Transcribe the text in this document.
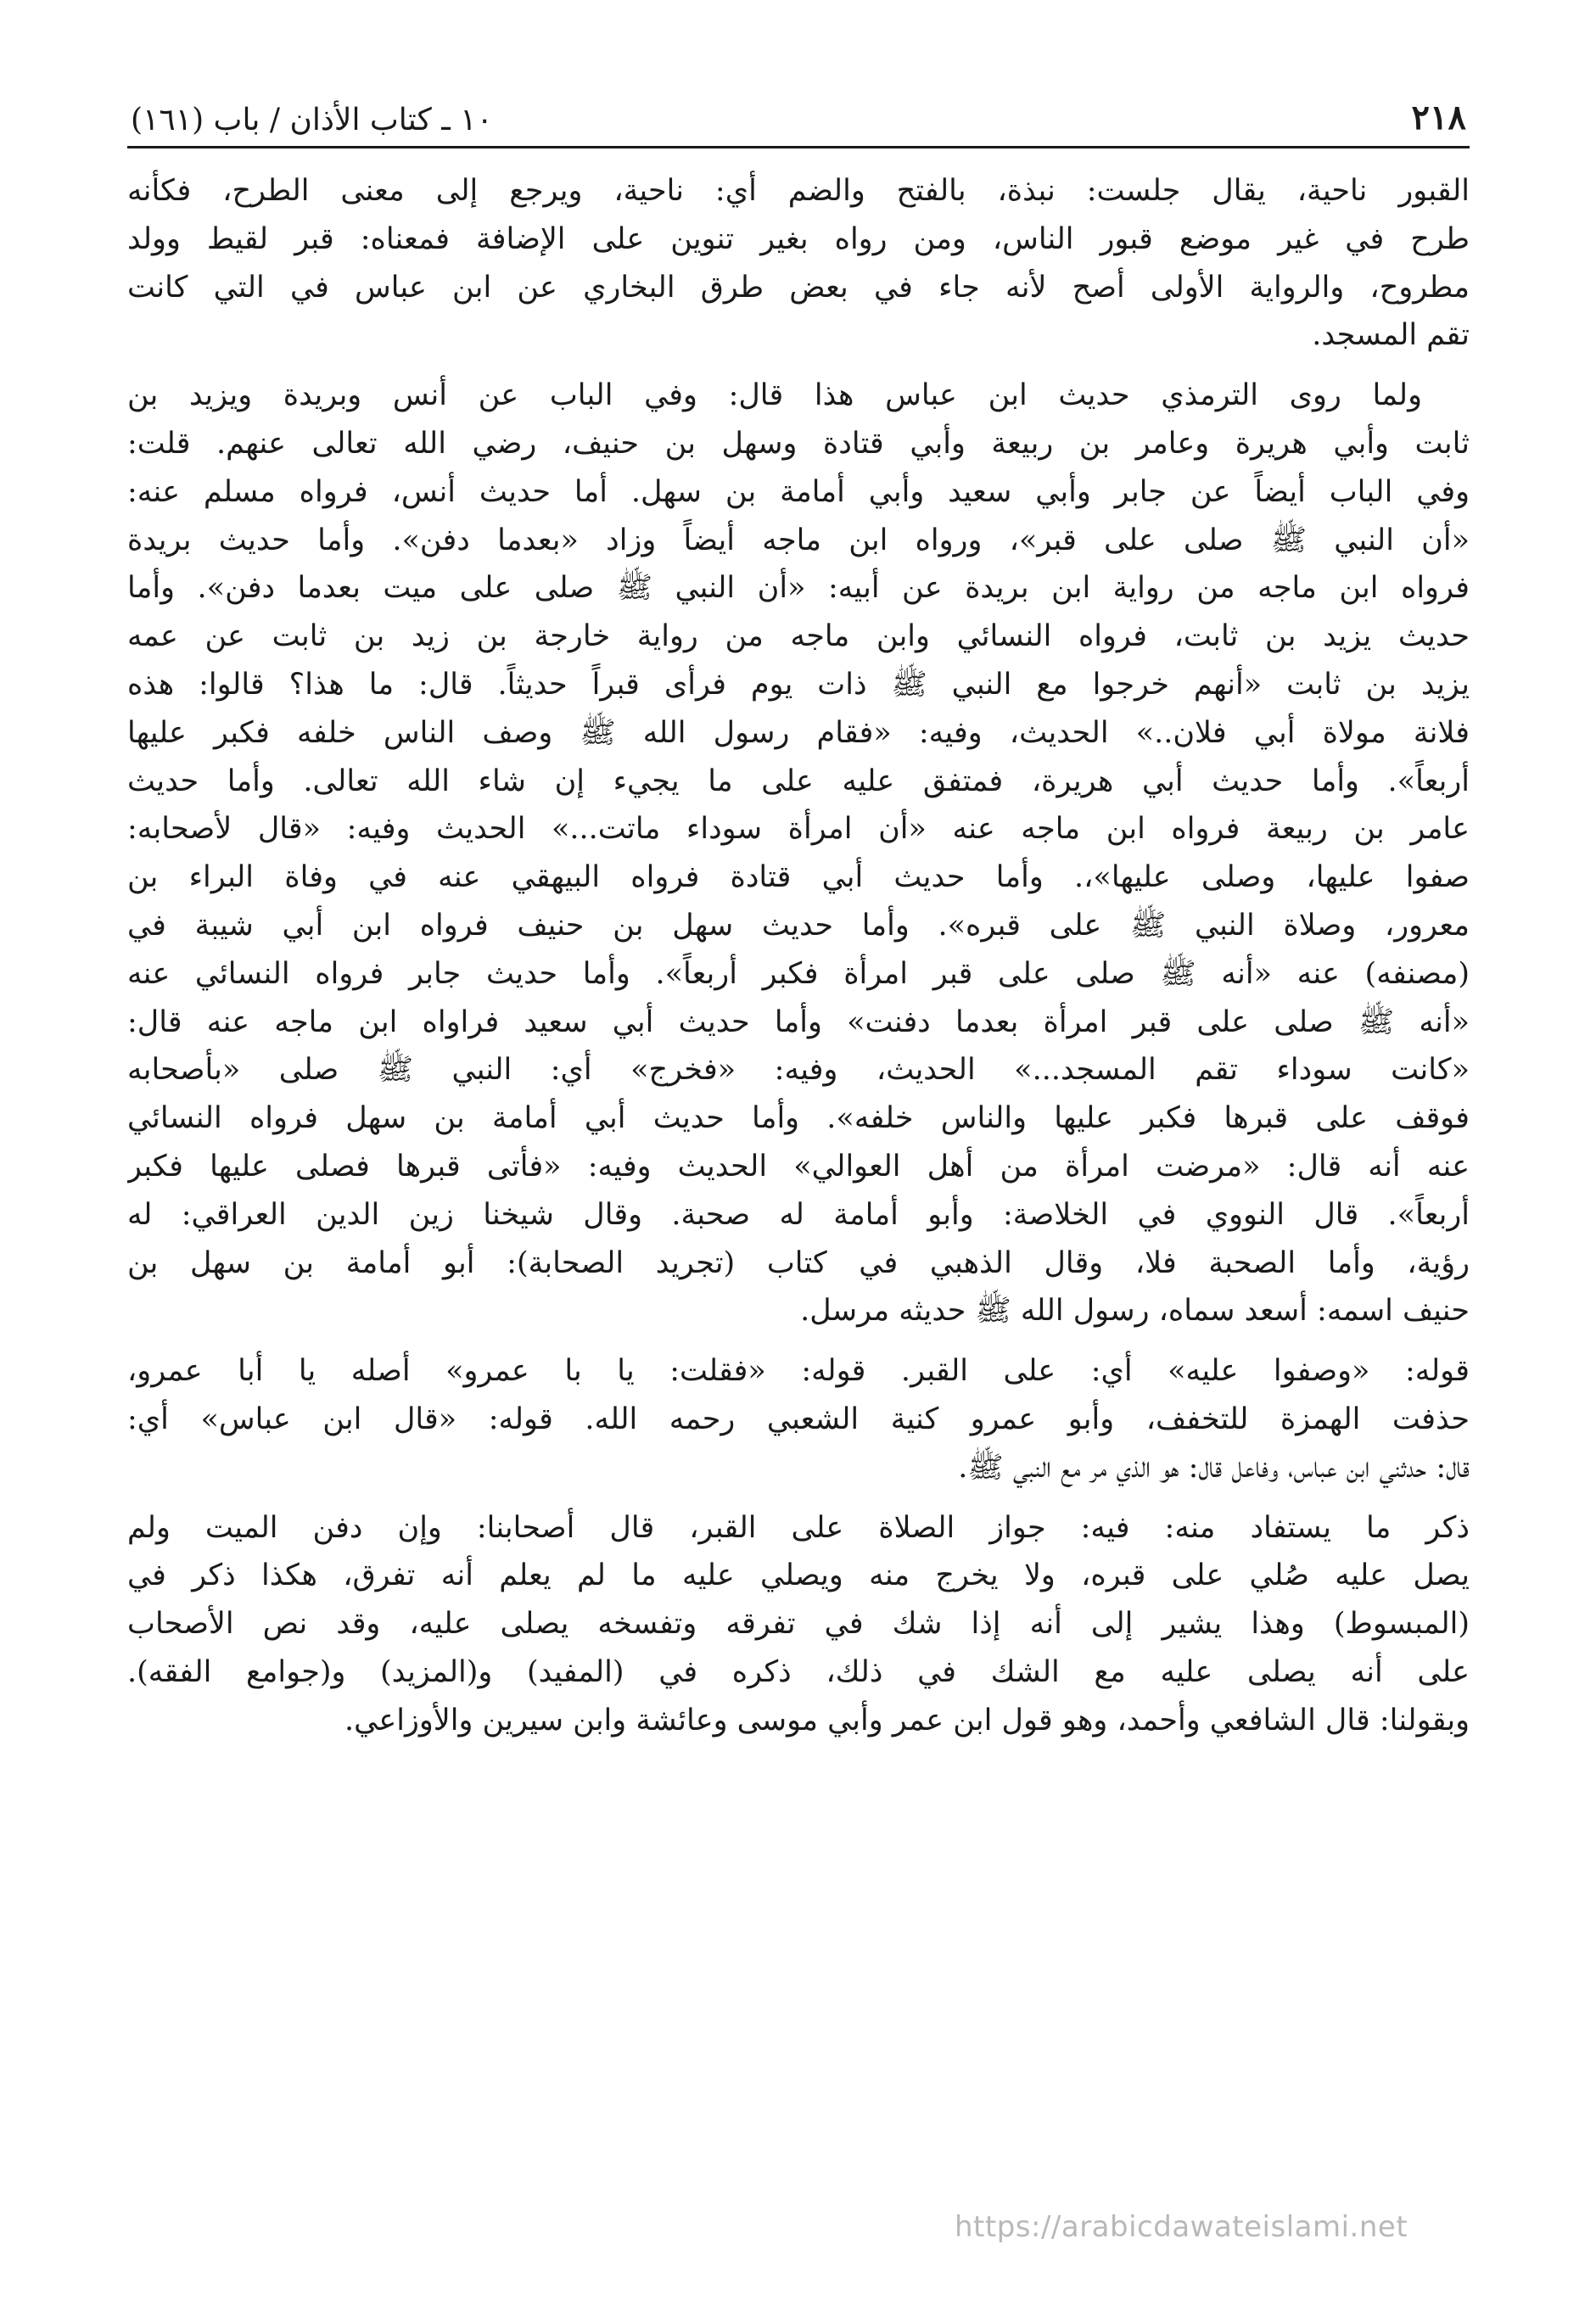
٢١٨
١٠ ـ كتاب الأذان / باب (١٦١)

القبور ناحية، يقال جلست: نبذة، بالفتح والضم أي: ناحية، ويرجع إلى معنى الطرح، فكأنه
طرح في غير موضع قبور الناس، ومن رواه بغير تنوين على الإضافة فمعناه: قبر لقيط وولد
مطروح، والرواية الأولى أصح لأنه جاء في بعض طرق البخاري عن ابن عباس في التي كانت
تقم المسجد.

ولما روى الترمذي حديث ابن عباس هذا قال: وفي الباب عن أنس وبريدة ويزيد بن
ثابت وأبي هريرة وعامر بن ربيعة وأبي قتادة وسهل بن حنيف، رضي الله تعالى عنهم. قلت:
وفي الباب أيضاً عن جابر وأبي سعيد وأبي أمامة بن سهل. أما حديث أنس، فرواه مسلم عنه:
«أن النبي ﷺ صلى على قبر»، ورواه ابن ماجه أيضاً وزاد «بعدما دفن». وأما حديث بريدة
فرواه ابن ماجه من رواية ابن بريدة عن أبيه: «أن النبي ﷺ صلى على ميت بعدما دفن». وأما
حديث يزيد بن ثابت، فرواه النسائي وابن ماجه من رواية خارجة بن زيد بن ثابت عن عمه
يزيد بن ثابت «أنهم خرجوا مع النبي ﷺ ذات يوم فرأى قبراً حديثاً. قال: ما هذا؟ قالوا: هذه
فلانة مولاة أبي فلان..» الحديث، وفيه: «فقام رسول الله ﷺ وصف الناس خلفه فكبر عليها
أربعاً». وأما حديث أبي هريرة، فمتفق عليه على ما يجيء إن شاء الله تعالى. وأما حديث
عامر بن ربيعة فرواه ابن ماجه عنه «أن امرأة سوداء ماتت...» الحديث وفيه: «قال لأصحابه:
صفوا عليها، وصلى عليها»،. وأما حديث أبي قتادة فرواه البيهقي عنه في وفاة البراء بن
معرور، وصلاة النبي ﷺ على قبره». وأما حديث سهل بن حنيف فرواه ابن أبي شيبة في
(مصنفه) عنه «أنه ﷺ صلى على قبر امرأة فكبر أربعاً». وأما حديث جابر فرواه النسائي عنه
«أنه ﷺ صلى على قبر امرأة بعدما دفنت» وأما حديث أبي سعيد فراواه ابن ماجه عنه قال:
«كانت سوداء تقم المسجد...» الحديث، وفيه: «فخرج» أي: النبي ﷺ صلى «بأصحابه
فوقف على قبرها فكبر عليها والناس خلفه». وأما حديث أبي أمامة بن سهل فرواه النسائي
عنه أنه قال: «مرضت امرأة من أهل العوالي» الحديث وفيه: «فأتى قبرها فصلى عليها فكبر
أربعاً». قال النووي في الخلاصة: وأبو أمامة له صحبة. وقال شيخنا زين الدين العراقي: له
رؤية، وأما الصحبة فلا، وقال الذهبي في كتاب (تجريد الصحابة): أبو أمامة بن سهل بن
حنيف اسمه: أسعد سماه، رسول الله ﷺ حديثه مرسل.

قوله: «وصفوا عليه» أي: على القبر. قوله: «فقلت: يا با عمرو» أصله يا أبا عمرو،
حذفت الهمزة للتخفف، وأبو عمرو كنية الشعبي رحمه الله. قوله: «قال ابن عباس» أي:
قال: حدثني ابن عباس، وفاعل قال: هو الذي مر مع النبي ﷺ.

ذكر ما يستفاد منه: فيه: جواز الصلاة على القبر، قال أصحابنا: وإن دفن الميت ولم
يصل عليه صُلي على قبره، ولا يخرج منه ويصلي عليه ما لم يعلم أنه تفرق، هكذا ذكر في
(المبسوط) وهذا يشير إلى أنه إذا شك في تفرقه وتفسخه يصلى عليه، وقد نص الأصحاب
على أنه يصلى عليه مع الشك في ذلك، ذكره في (المفيد) و(المزيد) و(جوامع الفقه).
وبقولنا: قال الشافعي وأحمد، وهو قول ابن عمر وأبي موسى وعائشة وابن سيرين والأوزاعي.

https://arabicdawateislami.net
